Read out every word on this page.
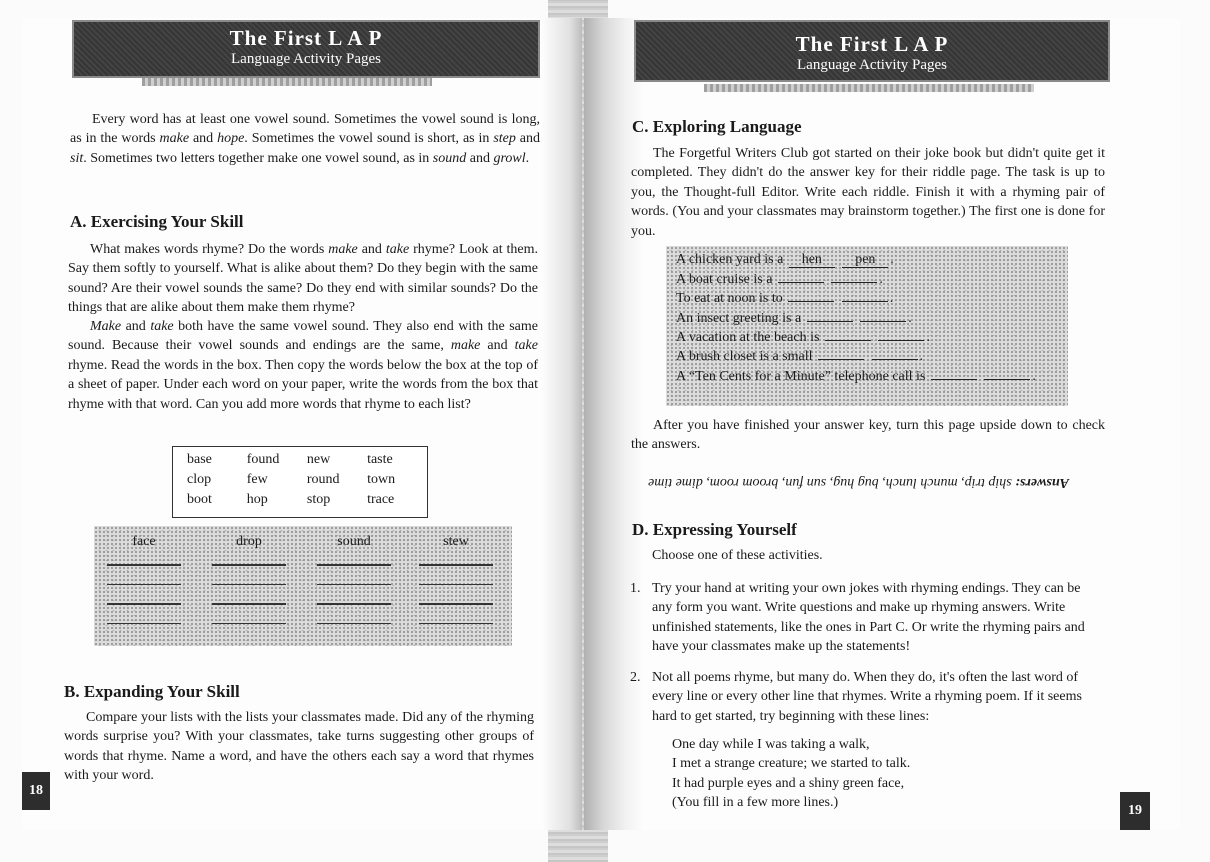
The First L A P
Language Activity Pages
Every word has at least one vowel sound. Sometimes the vowel sound is long, as in the words make and hope. Sometimes the vowel sound is short, as in step and sit. Sometimes two letters together make one vowel sound, as in sound and growl.
A. Exercising Your Skill
What makes words rhyme? Do the words make and take rhyme? Look at them. Say them softly to yourself. What is alike about them? Do they begin with the same sound? Are their vowel sounds the same? Do they end with similar sounds? Do the things that are alike about them make them rhyme?
Make and take both have the same vowel sound. They also end with the same sound. Because their vowel sounds and endings are the same, make and take rhyme. Read the words in the box. Then copy the words below the box at the top of a sheet of paper. Under each word on your paper, write the words from the box that rhyme with that word. Can you add more words that rhyme to each list?
base	found	new	taste
clop	few	round	town
boot	hop	stop	trace
face	drop	sound	stew
B. Expanding Your Skill
Compare your lists with the lists your classmates made. Did any of the rhyming words surprise you? With your classmates, take turns suggesting other groups of words that rhyme. Name a word, and have the others each say a word that rhymes with your word.
18
The First L A P
Language Activity Pages
C. Exploring Language
The Forgetful Writers Club got started on their joke book but didn't quite get it completed. They didn't do the answer key for their riddle page. The task is up to you, the Thought-full Editor. Write each riddle. Finish it with a rhyming pair of words. (You and your classmates may brainstorm together.) The first one is done for you.
A chicken yard is a hen pen .
A boat cruise is a	.
To eat at noon is to	.
An insect greeting is a	.
A vacation at the beach is	.
A brush closet is a small	.
A “Ten Cents for a Minute” telephone call is	.
After you have finished your answer key, turn this page upside down to check the answers.
Answers: ship trip, munch lunch, bug hug, sun fun, broom room, dime time
D. Expressing Yourself
Choose one of these activities.
1. Try your hand at writing your own jokes with rhyming endings. They can be any form you want. Write questions and make up rhyming answers. Write unfinished statements, like the ones in Part C. Or write the rhyming pairs and have your classmates make up the statements!
2. Not all poems rhyme, but many do. When they do, it's often the last word of every line or every other line that rhymes. Write a rhyming poem. If it seems hard to get started, try beginning with these lines:
One day while I was taking a walk,
I met a strange creature; we started to talk.
It had purple eyes and a shiny green face,
(You fill in a few more lines.)
19
